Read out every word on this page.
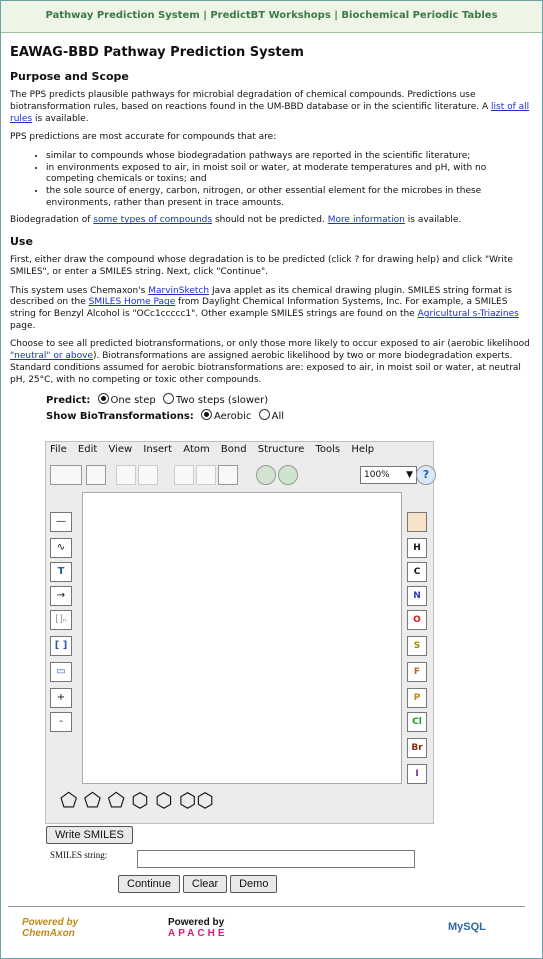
Pathway Prediction System | PredictBT Workshops | Biochemical Periodic Tables
EAWAG-BBD Pathway Prediction System
Purpose and Scope

The PPS predicts plausible pathways for microbial degradation of chemical compounds. Predictions use biotransformation rules, based on reactions found in the UM-BBD database or in the scientific literature. A list of all rules is available.

PPS predictions are most accurate for compounds that are:

• similar to compounds whose biodegradation pathways are reported in the scientific literature;
• in environments exposed to air, in moist soil or water, at moderate temperatures and pH, with no competing chemicals or toxins; and
• the sole source of energy, carbon, nitrogen, or other essential element for the microbes in these environments, rather than present in trace amounts.

Biodegradation of some types of compounds should not be predicted. More information is available.

Use

First, either draw the compound whose degradation is to be predicted (click ? for drawing help) and click "Write SMILES", or enter a SMILES string. Next, click "Continue".

This system uses Chemaxon's MarvinSketch Java applet as its chemical drawing plugin. SMILES string format is described on the SMILES Home Page from Daylight Chemical Information Systems, Inc. For example, a SMILES string for Benzyl Alcohol is "OCc1ccccc1". Other example SMILES strings are found on the Agricultural s-Triazines page.

Choose to see all predicted biotransformations, or only those more likely to occur exposed to air (aerobic likelihood "neutral" or above). Biotransformations are assigned aerobic likelihood by two or more biodegradation experts. Standard conditions assumed for aerobic biotransformations are: exposed to air, in moist soil or water, at neutral pH, 25°C, with no competing or toxic other compounds.

Predict: One step Two steps (slower)
Show BioTransformations: Aerobic All
File Edit View Insert Atom Bond Structure Tools Help
100% ▼ ?
—
∿
T
→
[]ₙ
[ ]
▭
+
-
H
C
N
O
S
F
P
Cl
Br
I
⬠ ⬠ ⬠ ⬡ ⬡ ⬡⬡
Write SMILES
SMILES string:
Continue Clear Demo
Powered by ChemAxon
Powered by
APACHE
MySQL
